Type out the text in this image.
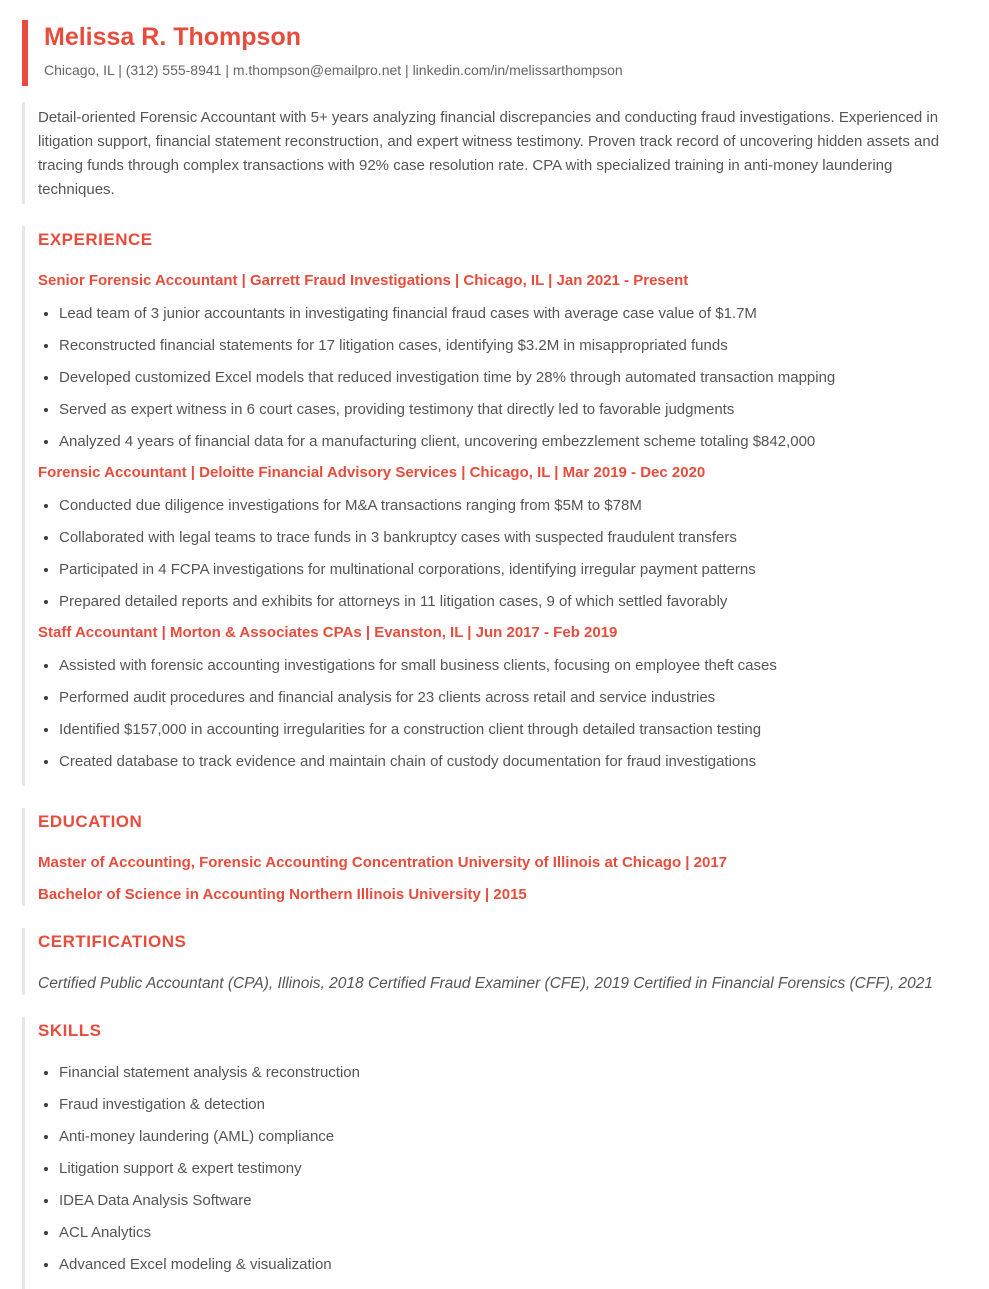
Melissa R. Thompson
Chicago, IL | (312) 555-8941 | m.thompson@emailpro.net | linkedin.com/in/melissarthompson

Detail-oriented Forensic Accountant with 5+ years analyzing financial discrepancies and conducting fraud investigations. Experienced in litigation support, financial statement reconstruction, and expert witness testimony. Proven track record of uncovering hidden assets and tracing funds through complex transactions with 92% case resolution rate. CPA with specialized training in anti-money laundering techniques.

EXPERIENCE
Senior Forensic Accountant | Garrett Fraud Investigations | Chicago, IL | Jan 2021 - Present
• Lead team of 3 junior accountants in investigating financial fraud cases with average case value of $1.7M
• Reconstructed financial statements for 17 litigation cases, identifying $3.2M in misappropriated funds
• Developed customized Excel models that reduced investigation time by 28% through automated transaction mapping
• Served as expert witness in 6 court cases, providing testimony that directly led to favorable judgments
• Analyzed 4 years of financial data for a manufacturing client, uncovering embezzlement scheme totaling $842,000
Forensic Accountant | Deloitte Financial Advisory Services | Chicago, IL | Mar 2019 - Dec 2020
• Conducted due diligence investigations for M&A transactions ranging from $5M to $78M
• Collaborated with legal teams to trace funds in 3 bankruptcy cases with suspected fraudulent transfers
• Participated in 4 FCPA investigations for multinational corporations, identifying irregular payment patterns
• Prepared detailed reports and exhibits for attorneys in 11 litigation cases, 9 of which settled favorably
Staff Accountant | Morton & Associates CPAs | Evanston, IL | Jun 2017 - Feb 2019
• Assisted with forensic accounting investigations for small business clients, focusing on employee theft cases
• Performed audit procedures and financial analysis for 23 clients across retail and service industries
• Identified $157,000 in accounting irregularities for a construction client through detailed transaction testing
• Created database to track evidence and maintain chain of custody documentation for fraud investigations
EDUCATION
Master of Accounting, Forensic Accounting Concentration University of Illinois at Chicago | 2017
Bachelor of Science in Accounting Northern Illinois University | 2015
CERTIFICATIONS

Certified Public Accountant (CPA), Illinois, 2018 Certified Fraud Examiner (CFE), 2019 Certified in Financial Forensics (CFF), 2021

SKILLS
• Financial statement analysis & reconstruction
• Fraud investigation & detection
• Anti-money laundering (AML) compliance
• Litigation support & expert testimony
• IDEA Data Analysis Software
• ACL Analytics
• Advanced Excel modeling & visualization
